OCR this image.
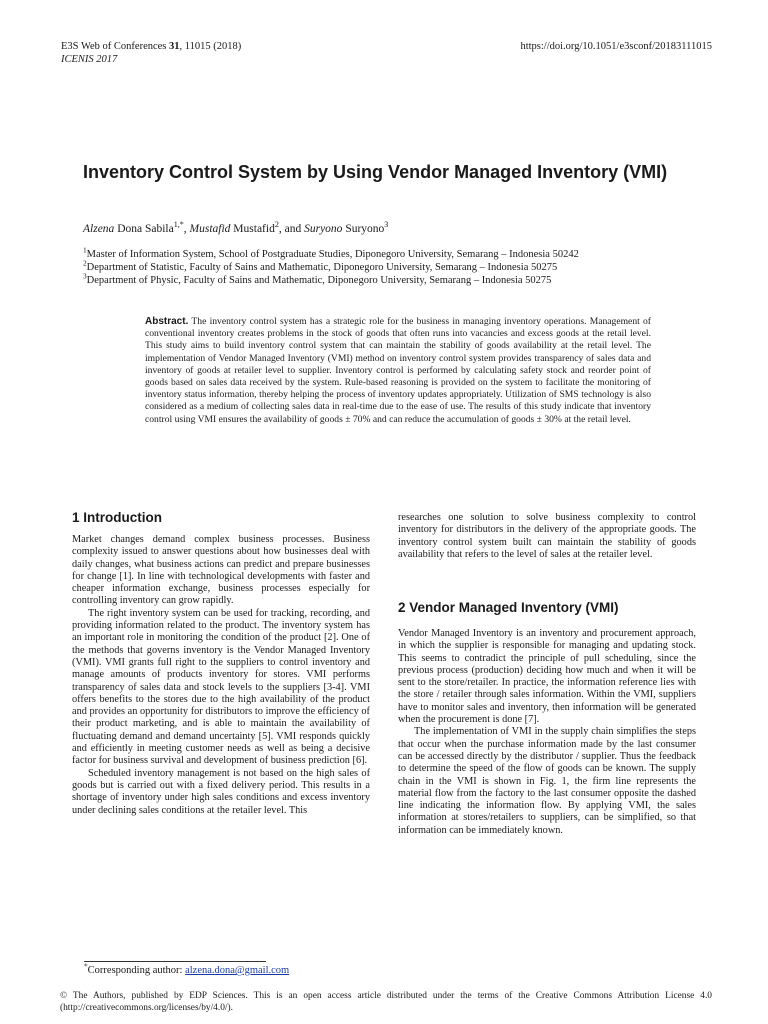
E3S Web of Conferences 31, 11015 (2018)
ICENIS 2017
https://doi.org/10.1051/e3sconf/20183111015
Inventory Control System by Using Vendor Managed Inventory (VMI)
Alzena Dona Sabila$^{1,*}$, Mustafid Mustafid$^2$, and Suryono Suryono$^3$
$^1$Master of Information System, School of Postgraduate Studies, Diponegoro University, Semarang – Indonesia 50242
$^2$Department of Statistic, Faculty of Sains and Mathematic, Diponegoro University, Semarang – Indonesia 50275
$^3$Department of Physic, Faculty of Sains and Mathematic, Diponegoro University, Semarang – Indonesia 50275

Abstract. The inventory control system has a strategic role for the business in managing inventory operations. Management of conventional inventory creates problems in the stock of goods that often runs into vacancies and excess goods at the retail level. This study aims to build inventory control system that can maintain the stability of goods availability at the retail level. The implementation of Vendor Managed Inventory (VMI) method on inventory control system provides transparency of sales data and inventory of goods at retailer level to supplier. Inventory control is performed by calculating safety stock and reorder point of goods based on sales data received by the system. Rule-based reasoning is provided on the system to facilitate the monitoring of inventory status information, thereby helping the process of inventory updates appropriately. Utilization of SMS technology is also considered as a medium of collecting sales data in real-time due to the ease of use. The results of this study indicate that inventory control using VMI ensures the availability of goods ± 70% and can reduce the accumulation of goods ± 30% at the retail level.

1 Introduction

Market changes demand complex business processes. Business complexity issued to answer questions about how businesses deal with daily changes, what business actions can predict and prepare businesses for change [1]. In line with technological developments with faster and cheaper information exchange, business processes especially for controlling inventory can grow rapidly.

The right inventory system can be used for tracking, recording, and providing information related to the product. The inventory system has an important role in monitoring the condition of the product [2]. One of the methods that governs inventory is the Vendor Managed Inventory (VMI). VMI grants full right to the suppliers to control inventory and manage amounts of products inventory for stores. VMI performs transparency of sales data and stock levels to the suppliers [3-4]. VMI offers benefits to the stores due to the high availability of the product and provides an opportunity for distributors to improve the efficiency of their product marketing, and is able to maintain the availability of fluctuating demand and demand uncertainty [5]. VMI responds quickly and efficiently in meeting customer needs as well as being a decisive factor for business survival and development of business prediction [6].

Scheduled inventory management is not based on the high sales of goods but is carried out with a fixed delivery period. This results in a shortage of inventory under high sales conditions and excess inventory under declining sales conditions at the retailer level. This

researches one solution to solve business complexity to control inventory for distributors in the delivery of the appropriate goods. The inventory control system built can maintain the stability of goods availability that refers to the level of sales at the retailer level.

2 Vendor Managed Inventory (VMI)

Vendor Managed Inventory is an inventory and procurement approach, in which the supplier is responsible for managing and updating stock. This seems to contradict the principle of pull scheduling, since the previous process (production) deciding how much and when it will be sent to the store/retailer. In practice, the information reference lies with the store / retailer through sales information. Within the VMI, suppliers have to monitor sales and inventory, then information will be generated when the procurement is done [7].

The implementation of VMI in the supply chain simplifies the steps that occur when the purchase information made by the last consumer can be accessed directly by the distributor / supplier. Thus the feedback to determine the speed of the flow of goods can be known. The supply chain in the VMI is shown in Fig. 1, the firm line represents the material flow from the factory to the last consumer opposite the dashed line indicating the information flow. By applying VMI, the sales information at stores/retailers to suppliers, can be simplified, so that information can be immediately known.

*Corresponding author: alzena.dona@gmail.com
© The Authors, published by EDP Sciences. This is an open access article distributed under the terms of the Creative Commons Attribution License 4.0 (http://creativecommons.org/licenses/by/4.0/).
